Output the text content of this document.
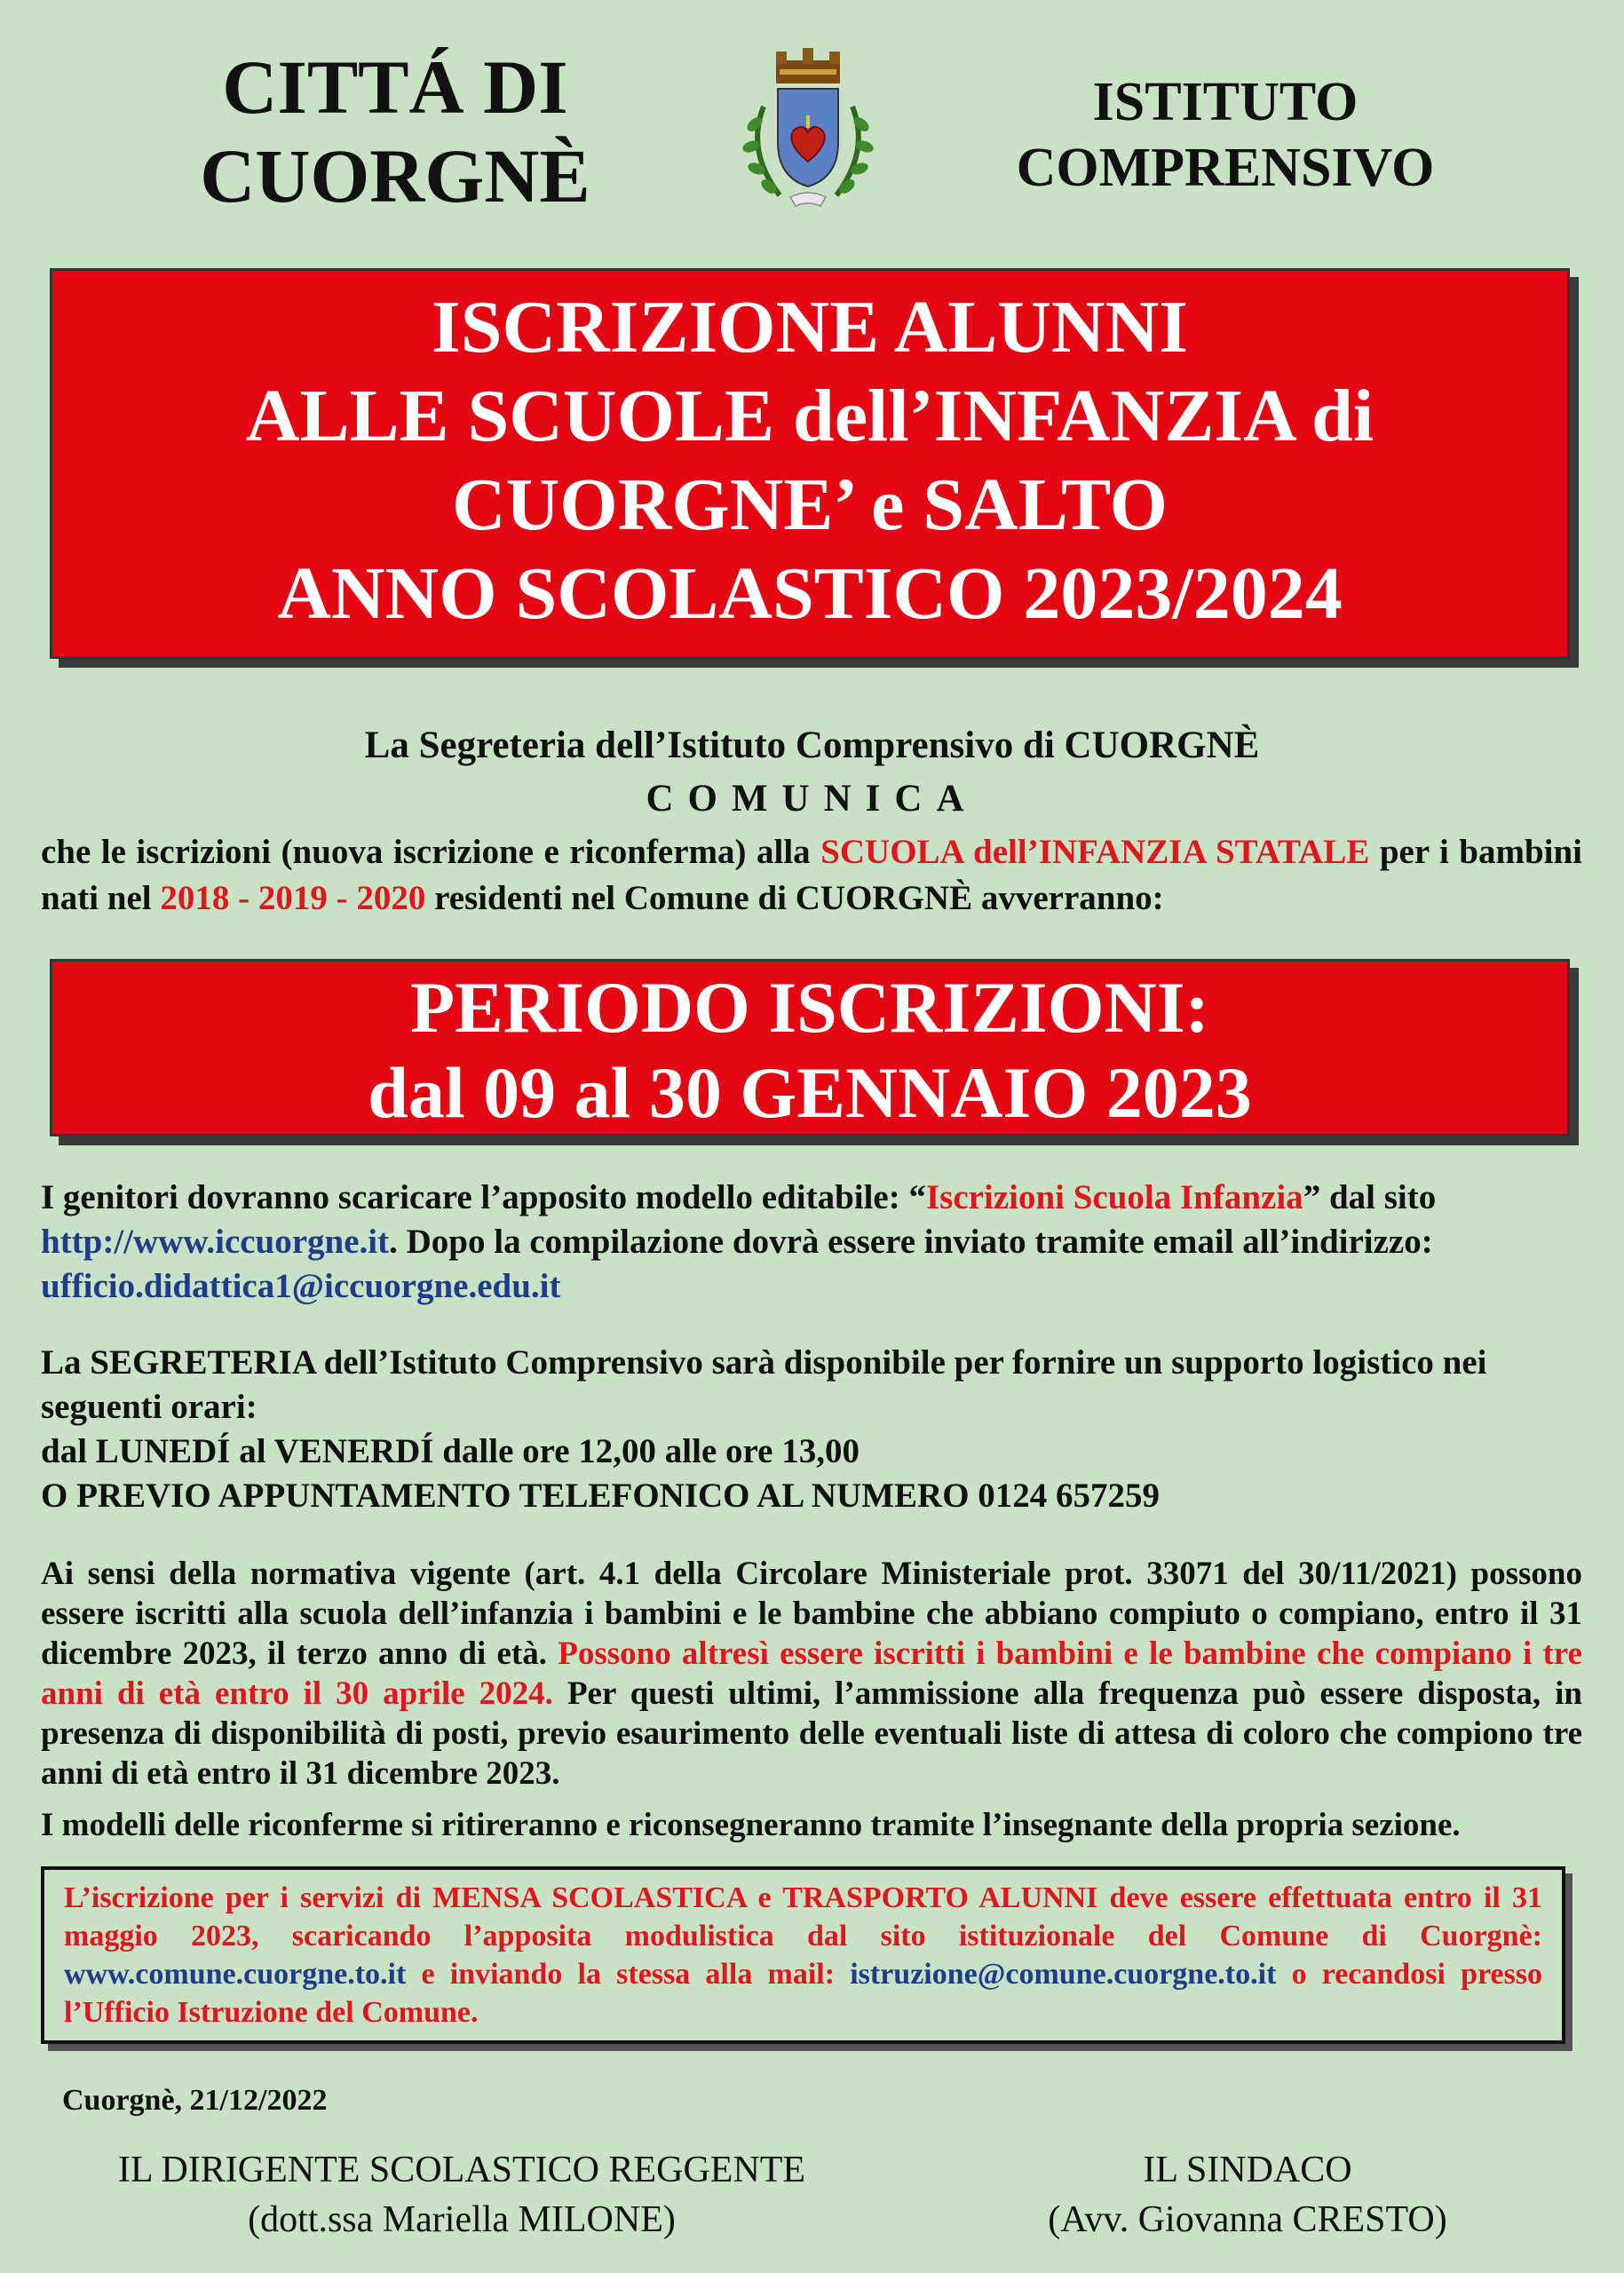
CITTÁ DI
CUORGNÈ
ISTITUTO
COMPRENSIVO
ISCRIZIONE ALUNNI
ALLE SCUOLE dell’INFANZIA di
CUORGNE’ e SALTO
ANNO SCOLASTICO 2023/2024
La Segreteria dell’Istituto Comprensivo di CUORGNÈ
COMUNICA
che le iscrizioni (nuova iscrizione e riconferma) alla SCUOLA dell’INFANZIA STATALE per i bambini nati nel 2018 - 2019 - 2020 residenti nel Comune di CUORGNÈ avverranno:
PERIODO ISCRIZIONI:
dal 09 al 30 GENNAIO 2023
I genitori dovranno scaricare l’apposito modello editabile: “Iscrizioni Scuola Infanzia” dal sito http://www.iccuorgne.it. Dopo la compilazione dovrà essere inviato tramite email all’indirizzo:
ufficio.didattica1@iccuorgne.edu.it
La SEGRETERIA dell’Istituto Comprensivo sarà disponibile per fornire un supporto logistico nei seguenti orari:
dal LUNEDÍ al VENERDÍ dalle ore 12,00 alle ore 13,00
O PREVIO APPUNTAMENTO TELEFONICO AL NUMERO 0124 657259
Ai sensi della normativa vigente (art. 4.1 della Circolare Ministeriale prot. 33071 del 30/11/2021) possono essere iscritti alla scuola dell’infanzia i bambini e le bambine che abbiano compiuto o compiano, entro il 31 dicembre 2023, il terzo anno di età. Possono altresì essere iscritti i bambini e le bambine che compiano i tre anni di età entro il 30 aprile 2024. Per questi ultimi, l’ammissione alla frequenza può essere disposta, in presenza di disponibilità di posti, previo esaurimento delle eventuali liste di attesa di coloro che compiono tre anni di età entro il 31 dicembre 2023.
I modelli delle riconferme si ritireranno e riconsegneranno tramite l’insegnante della propria sezione.
L’iscrizione per i servizi di MENSA SCOLASTICA e TRASPORTO ALUNNI deve essere effettuata entro il 31 maggio 2023, scaricando l’apposita modulistica dal sito istituzionale del Comune di Cuorgnè: www.comune.cuorgne.to.it e inviando la stessa alla mail: istruzione@comune.cuorgne.to.it o recandosi presso l’Ufficio Istruzione del Comune.
Cuorgnè, 21/12/2022
IL DIRIGENTE SCOLASTICO REGGENTE
(dott.ssa Mariella MILONE)
IL SINDACO
(Avv. Giovanna CRESTO)
